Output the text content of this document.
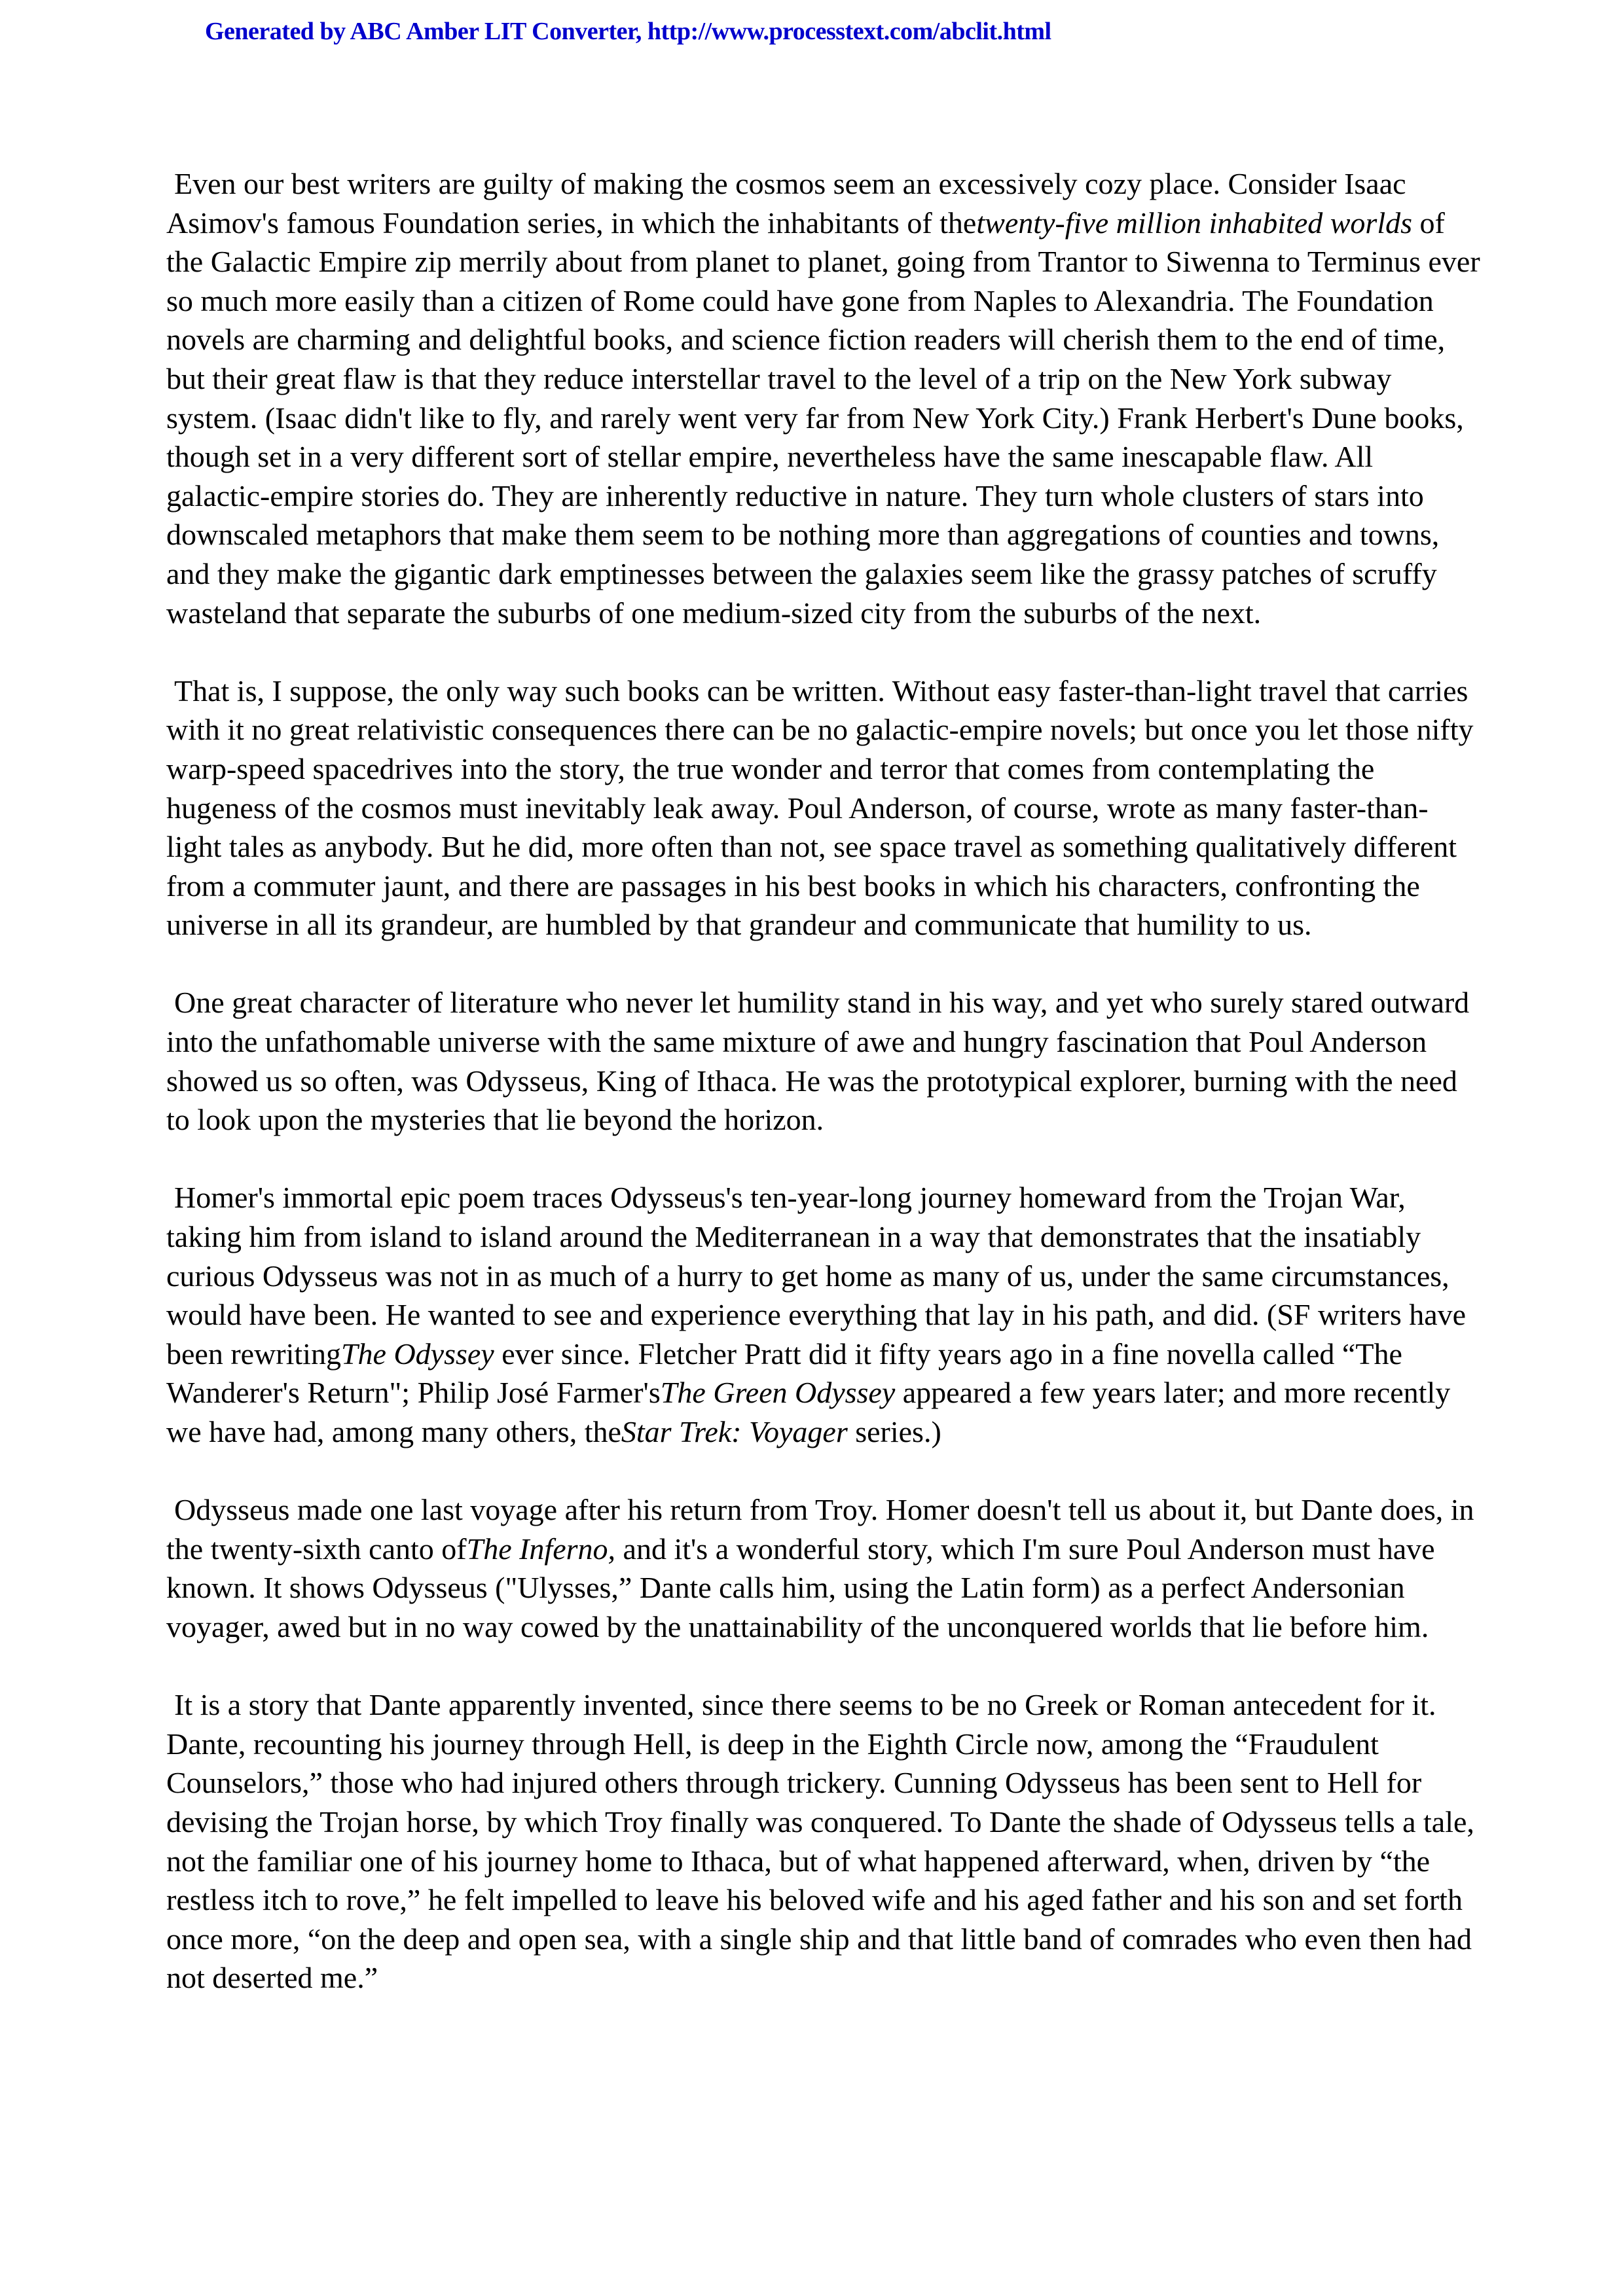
Generated by ABC Amber LIT Converter, http://www.processtext.com/abclit.html

Even our best writers are guilty of making the cosmos seem an excessively cozy place. Consider Isaac Asimov's famous Foundation series, in which the inhabitants of thetwenty-five million inhabited worlds of the Galactic Empire zip merrily about from planet to planet, going from Trantor to Siwenna to Terminus ever so much more easily than a citizen of Rome could have gone from Naples to Alexandria. The Foundation novels are charming and delightful books, and science fiction readers will cherish them to the end of time, but their great flaw is that they reduce interstellar travel to the level of a trip on the New York subway system. (Isaac didn't like to fly, and rarely went very far from New York City.) Frank Herbert's Dune books, though set in a very different sort of stellar empire, nevertheless have the same inescapable flaw. All galactic-empire stories do. They are inherently reductive in nature. They turn whole clusters of stars into downscaled metaphors that make them seem to be nothing more than aggregations of counties and towns, and they make the gigantic dark emptinesses between the galaxies seem like the grassy patches of scruffy wasteland that separate the suburbs of one medium-sized city from the suburbs of the next.

That is, I suppose, the only way such books can be written. Without easy faster-than-light travel that carries with it no great relativistic consequences there can be no galactic-empire novels; but once you let those nifty warp-speed spacedrives into the story, the true wonder and terror that comes from contemplating the hugeness of the cosmos must inevitably leak away. Poul Anderson, of course, wrote as many faster-than-light tales as anybody. But he did, more often than not, see space travel as something qualitatively different from a commuter jaunt, and there are passages in his best books in which his characters, confronting the universe in all its grandeur, are humbled by that grandeur and communicate that humility to us.

One great character of literature who never let humility stand in his way, and yet who surely stared outward into the unfathomable universe with the same mixture of awe and hungry fascination that Poul Anderson showed us so often, was Odysseus, King of Ithaca. He was the prototypical explorer, burning with the need to look upon the mysteries that lie beyond the horizon.

Homer's immortal epic poem traces Odysseus's ten-year-long journey homeward from the Trojan War, taking him from island to island around the Mediterranean in a way that demonstrates that the insatiably curious Odysseus was not in as much of a hurry to get home as many of us, under the same circumstances, would have been. He wanted to see and experience everything that lay in his path, and did. (SF writers have been rewritingThe Odyssey ever since. Fletcher Pratt did it fifty years ago in a fine novella called “The Wanderer's Return"; Philip José Farmer'sThe Green Odyssey appeared a few years later; and more recently we have had, among many others, theStar Trek: Voyager series.)

Odysseus made one last voyage after his return from Troy. Homer doesn't tell us about it, but Dante does, in the twenty-sixth canto ofThe Inferno, and it's a wonderful story, which I'm sure Poul Anderson must have known. It shows Odysseus ("Ulysses,” Dante calls him, using the Latin form) as a perfect Andersonian voyager, awed but in no way cowed by the unattainability of the unconquered worlds that lie before him.

It is a story that Dante apparently invented, since there seems to be no Greek or Roman antecedent for it. Dante, recounting his journey through Hell, is deep in the Eighth Circle now, among the “Fraudulent Counselors,” those who had injured others through trickery. Cunning Odysseus has been sent to Hell for devising the Trojan horse, by which Troy finally was conquered. To Dante the shade of Odysseus tells a tale, not the familiar one of his journey home to Ithaca, but of what happened afterward, when, driven by “the restless itch to rove,” he felt impelled to leave his beloved wife and his aged father and his son and set forth once more, “on the deep and open sea, with a single ship and that little band of comrades who even then had not deserted me.”
